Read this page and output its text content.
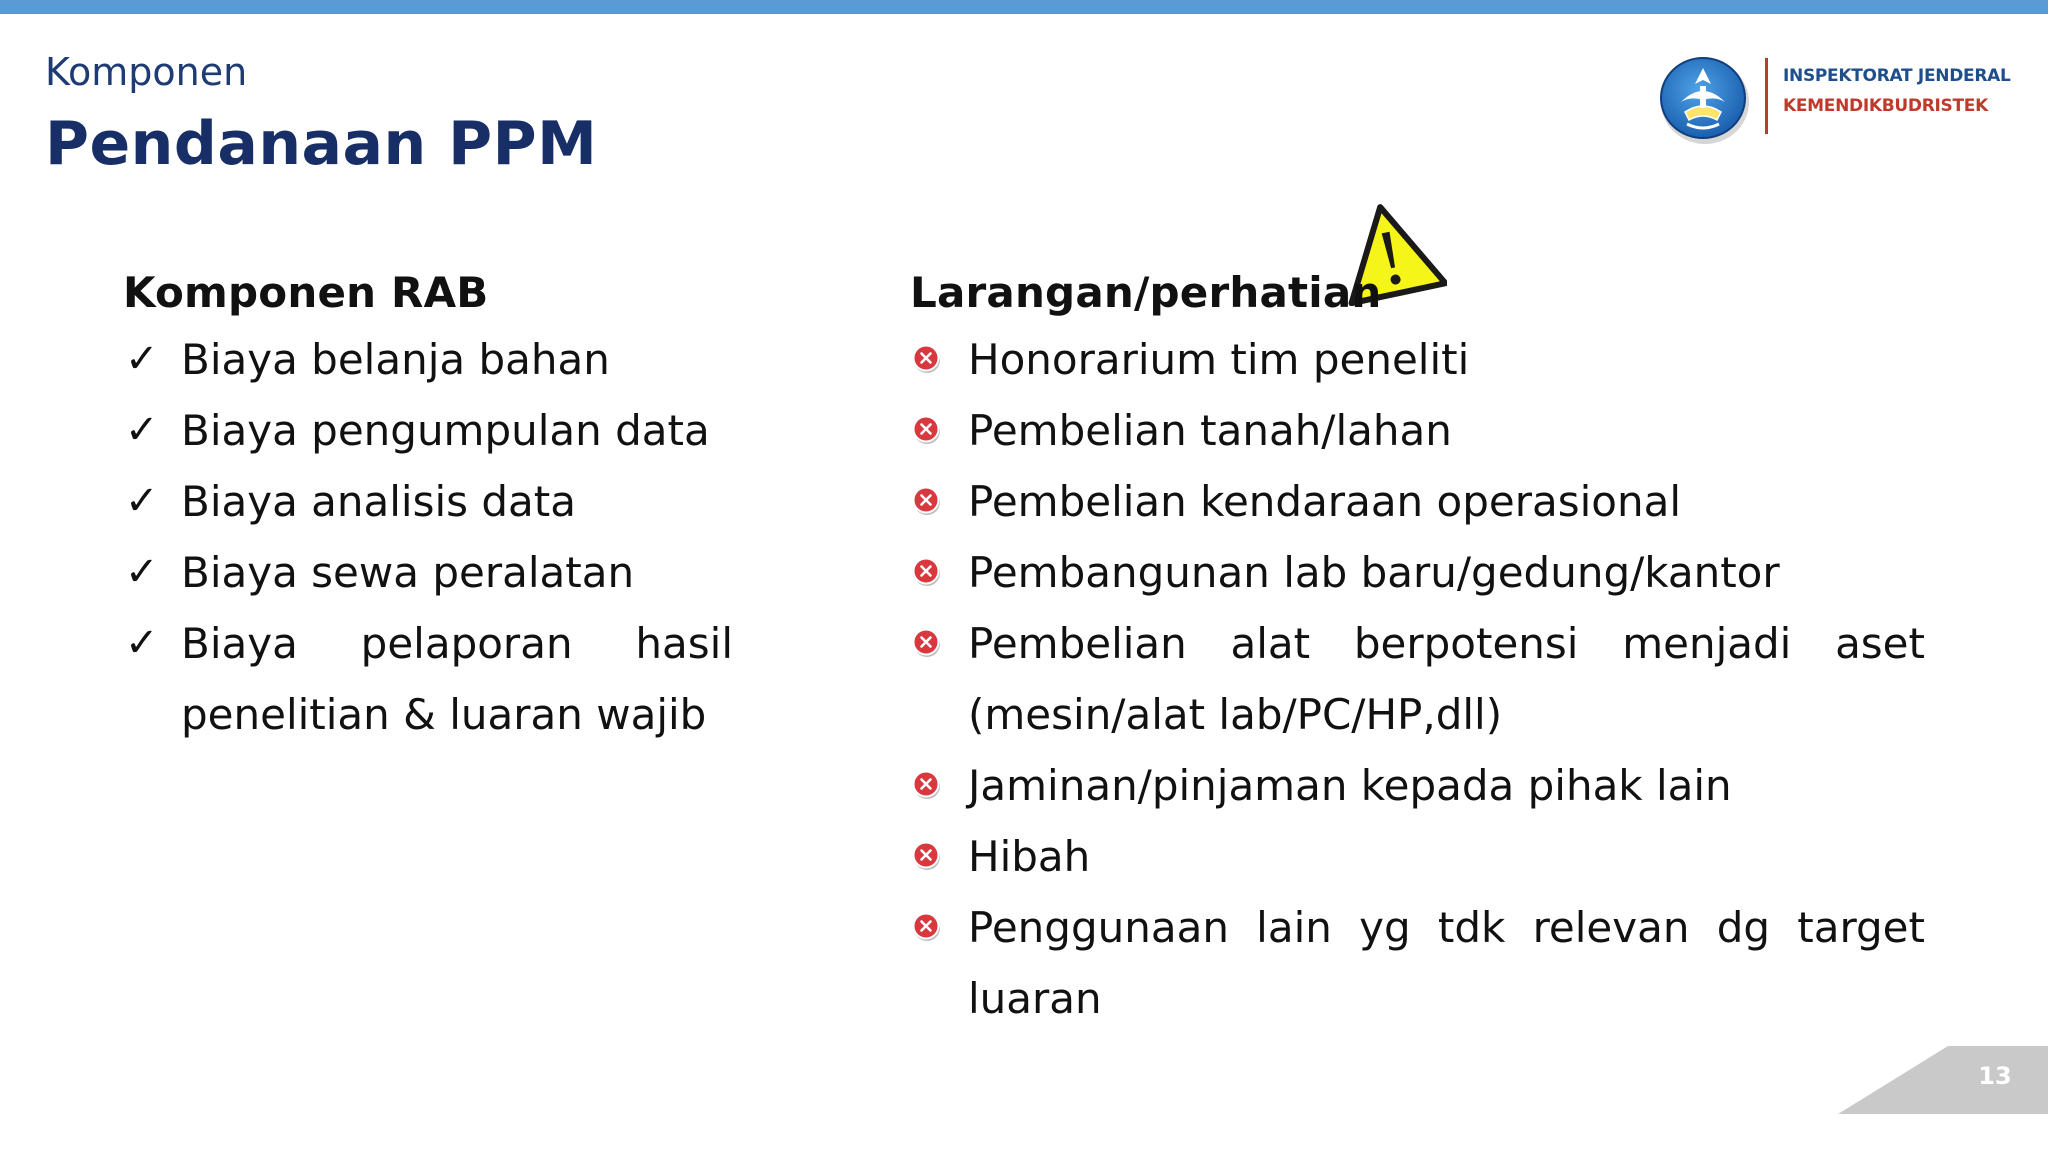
Komponen
Pendanaan PPM
INSPEKTORAT JENDERAL
KEMENDIKBUDRISTEK
Komponen RAB
✓ Biaya belanja bahan
✓ Biaya pengumpulan data
✓ Biaya analisis data
✓ Biaya sewa peralatan
✓ Biaya pelaporan hasil penelitian & luaran wajib
Larangan/perhatian
Honorarium tim peneliti
Pembelian tanah/lahan
Pembelian kendaraan operasional
Pembangunan lab baru/gedung/kantor
Pembelian alat berpotensi menjadi aset (mesin/alat lab/PC/HP,dll)
Jaminan/pinjaman kepada pihak lain
Hibah
Penggunaan lain yg tdk relevan dg target luaran
13
